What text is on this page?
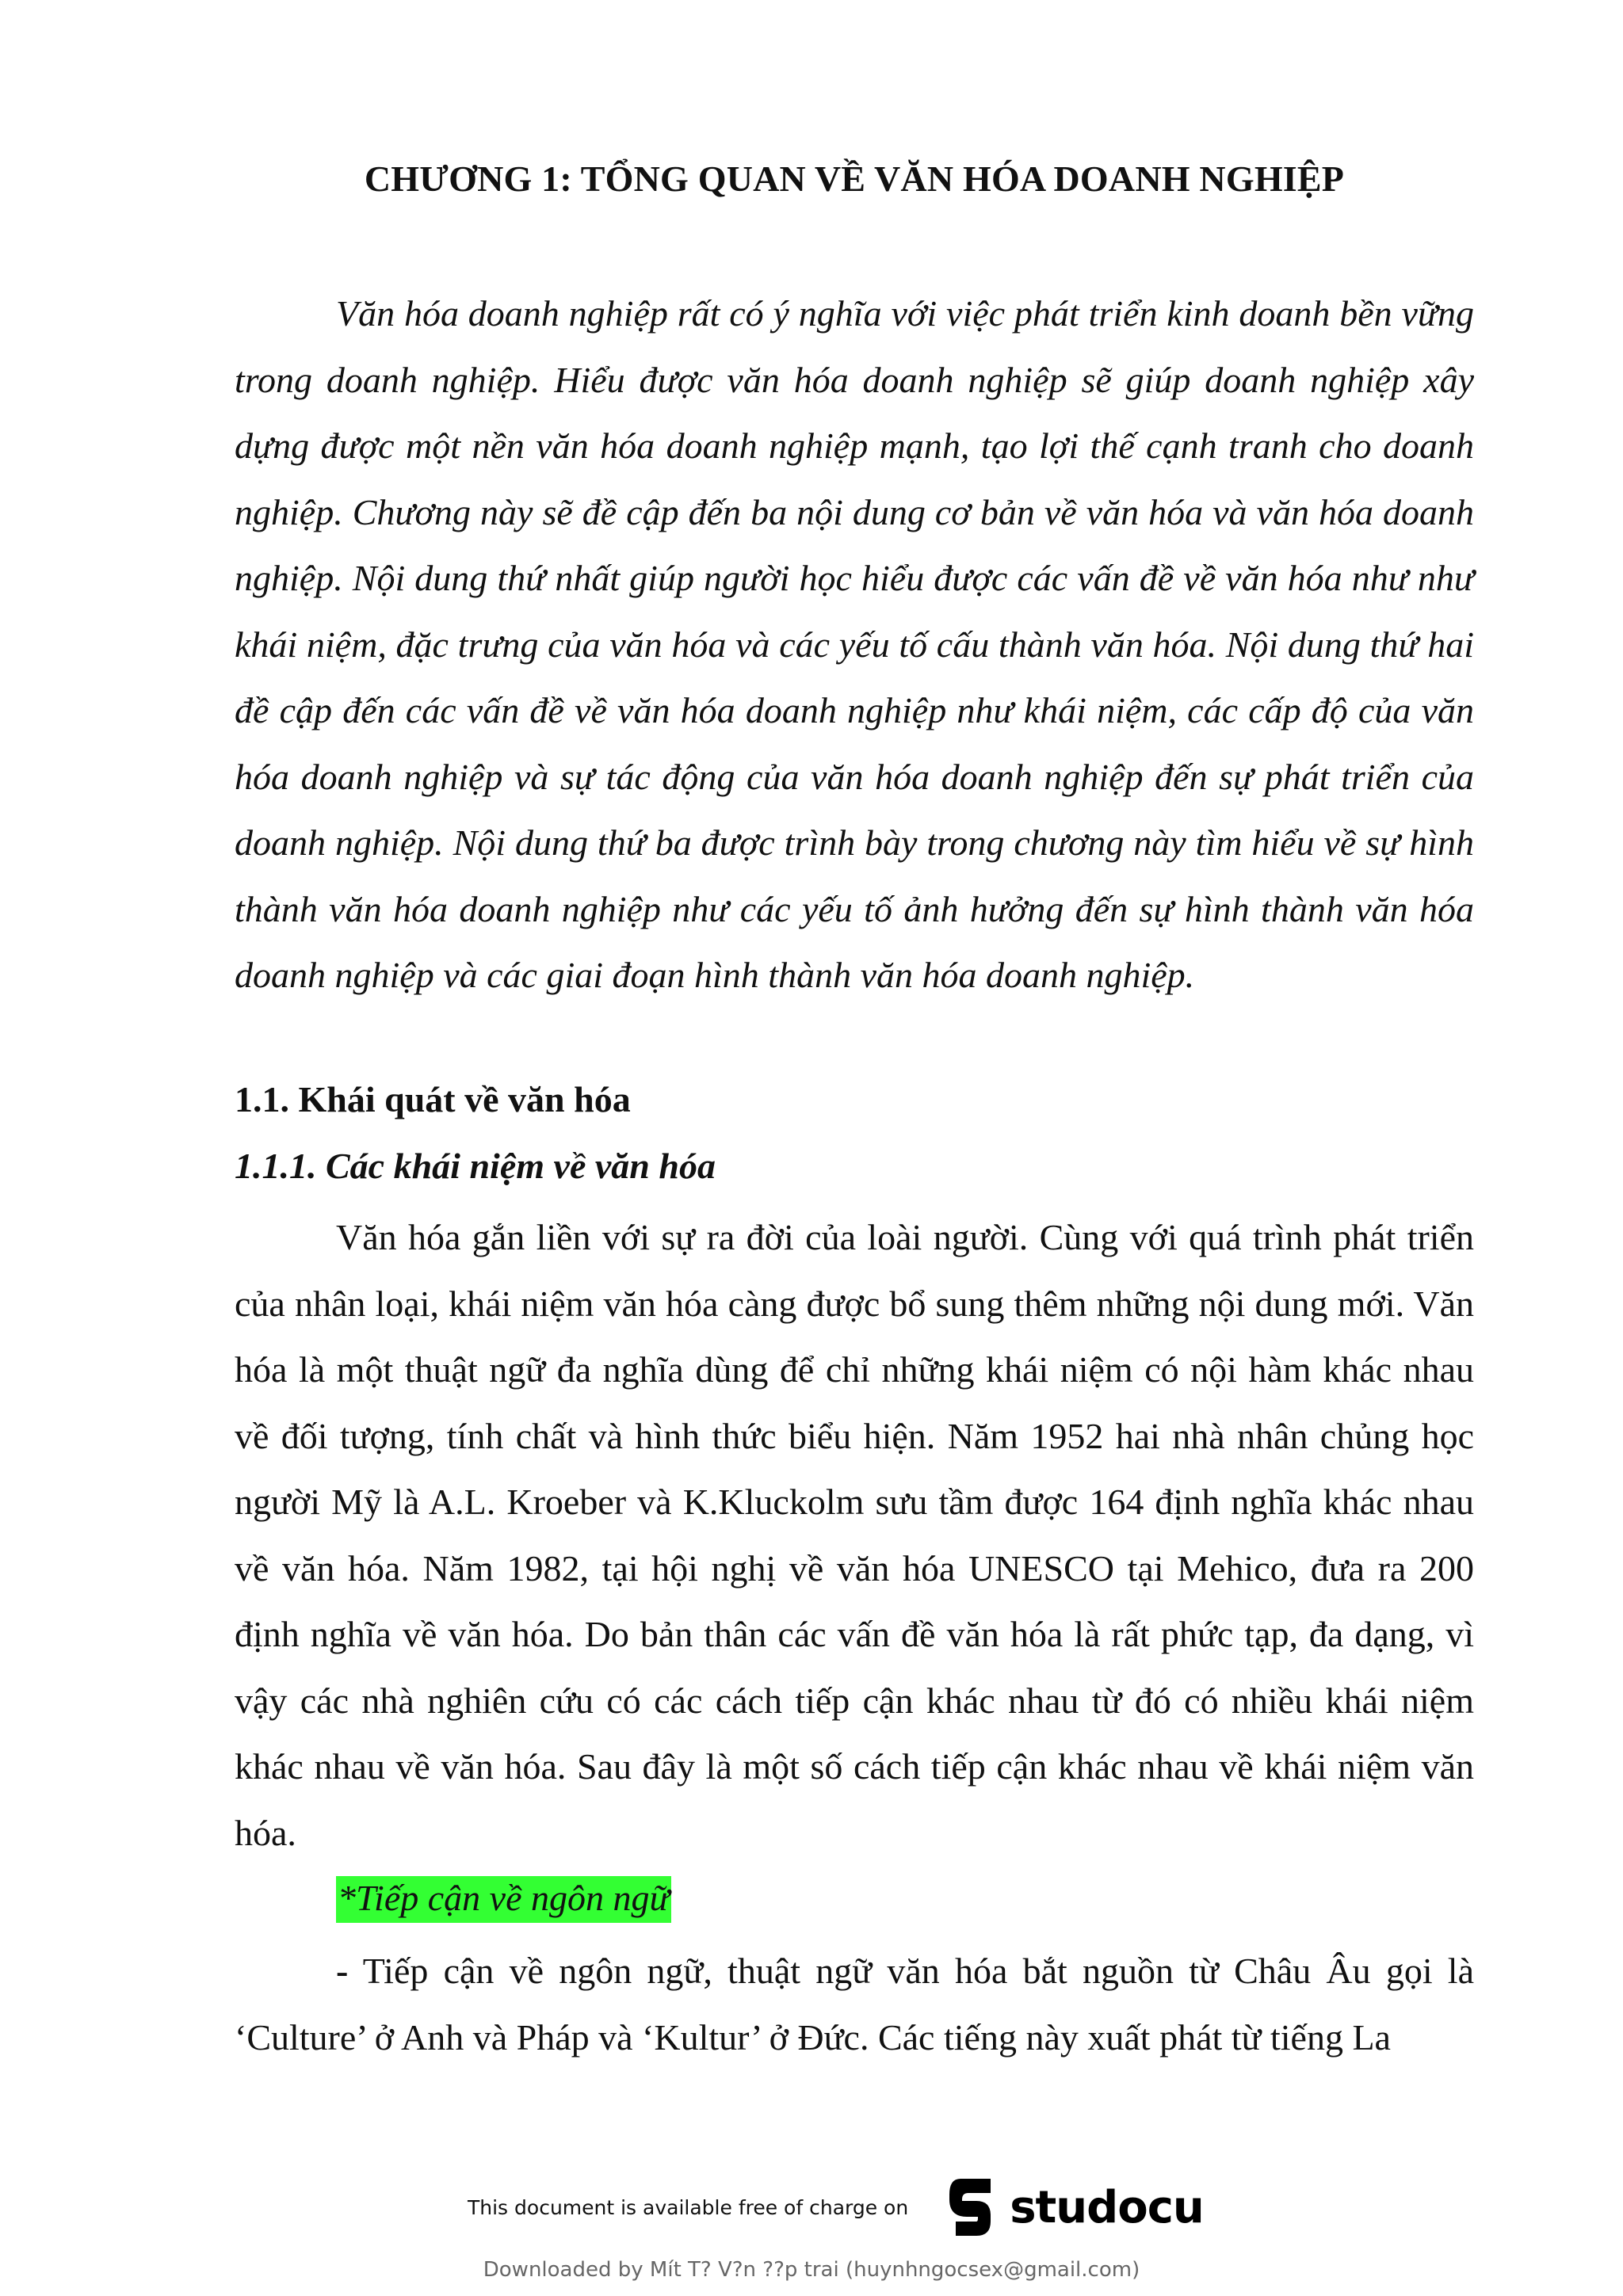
CHƯƠNG 1: TỔNG QUAN VỀ VĂN HÓA DOANH NGHIỆP

Văn hóa doanh nghiệp rất có ý nghĩa với việc phát triển kinh doanh bền vững trong doanh nghiệp. Hiểu được văn hóa doanh nghiệp sẽ giúp doanh nghiệp xây dựng được một nền văn hóa doanh nghiệp mạnh, tạo lợi thế cạnh tranh cho doanh nghiệp. Chương này sẽ đề cập đến ba nội dung cơ bản về văn hóa và văn hóa doanh nghiệp. Nội dung thứ nhất giúp người học hiểu được các vấn đề về văn hóa như như khái niệm, đặc trưng của văn hóa và các yếu tố cấu thành văn hóa. Nội dung thứ hai đề cập đến các vấn đề về văn hóa doanh nghiệp như khái niệm, các cấp độ của văn hóa doanh nghiệp và sự tác động của văn hóa doanh nghiệp đến sự phát triển của doanh nghiệp. Nội dung thứ ba được trình bày trong chương này tìm hiểu về sự hình thành văn hóa doanh nghiệp như các yếu tố ảnh hưởng đến sự hình thành văn hóa doanh nghiệp và các giai đoạn hình thành văn hóa doanh nghiệp.

1.1. Khái quát về văn hóa
1.1.1. Các khái niệm về văn hóa

Văn hóa gắn liền với sự ra đời của loài người. Cùng với quá trình phát triển của nhân loại, khái niệm văn hóa càng được bổ sung thêm những nội dung mới. Văn hóa là một thuật ngữ đa nghĩa dùng để chỉ những khái niệm có nội hàm khác nhau về đối tượng, tính chất và hình thức biểu hiện. Năm 1952 hai nhà nhân chủng học người Mỹ là A.L. Kroeber và K.Kluckolm sưu tầm được 164 định nghĩa khác nhau về văn hóa. Năm 1982, tại hội nghị về văn hóa UNESCO tại Mehico, đưa ra 200 định nghĩa về văn hóa. Do bản thân các vấn đề văn hóa là rất phức tạp, đa dạng, vì vậy các nhà nghiên cứu có các cách tiếp cận khác nhau từ đó có nhiều khái niệm khác nhau về văn hóa. Sau đây là một số cách tiếp cận khác nhau về khái niệm văn hóa.

*Tiếp cận về ngôn ngữ

- Tiếp cận về ngôn ngữ, thuật ngữ văn hóa bắt nguồn từ Châu Âu gọi là ‘Culture’ ở Anh và Pháp và ‘Kultur’ ở Đức. Các tiếng này xuất phát từ tiếng La

This document is available free of charge on studocu

Downloaded by Mít T? V?n ??p trai (huynhngocsex@gmail.com)
